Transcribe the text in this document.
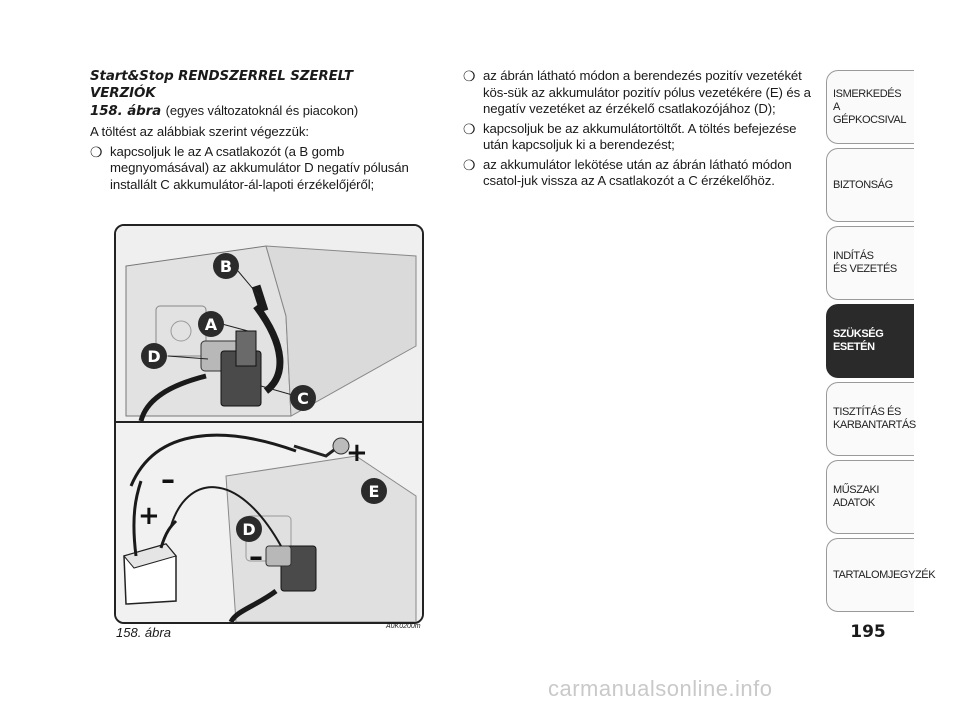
Start&Stop RENDSZERREL SZERELT VERZIÓK
158. ábra (egyes változatoknál és piacokon)

A töltést az alábbiak szerint végezzük:

❍ kapcsoljuk le az A csatlakozót (a B gomb megnyomásával) az akkumulátor D negatív pólusán installált C akkumulátor-ál-lapoti érzékelőjéről;
❍ az ábrán látható módon a berendezés pozitív vezetékét kös-sük az akkumulátor pozitív pólus vezetékére (E) és a negatív vezetéket az érzékelő csatlakozójához (D);
❍ kapcsoljuk be az akkumulátortöltőt. A töltés befejezése után kapcsoljuk ki a berendezést;
❍ az akkumulátor lekötése után az ábrán látható módon csatol-juk vissza az A csatlakozót a C érzékelőhöz.
+
–
+
–
B
A
D
C
E
D
158. ábra	A0K0200m
ISMERKEDÉS
A GÉPKOCSIVAL
BIZTONSÁG
INDÍTÁS
ÉS VEZETÉS
SZÜKSÉG
ESETÉN
TISZTÍTÁS ÉS
KARBANTARTÁS
MŰSZAKI
ADATOK
TARTALOMJEGYZÉK
195
carmanualsonline.info
